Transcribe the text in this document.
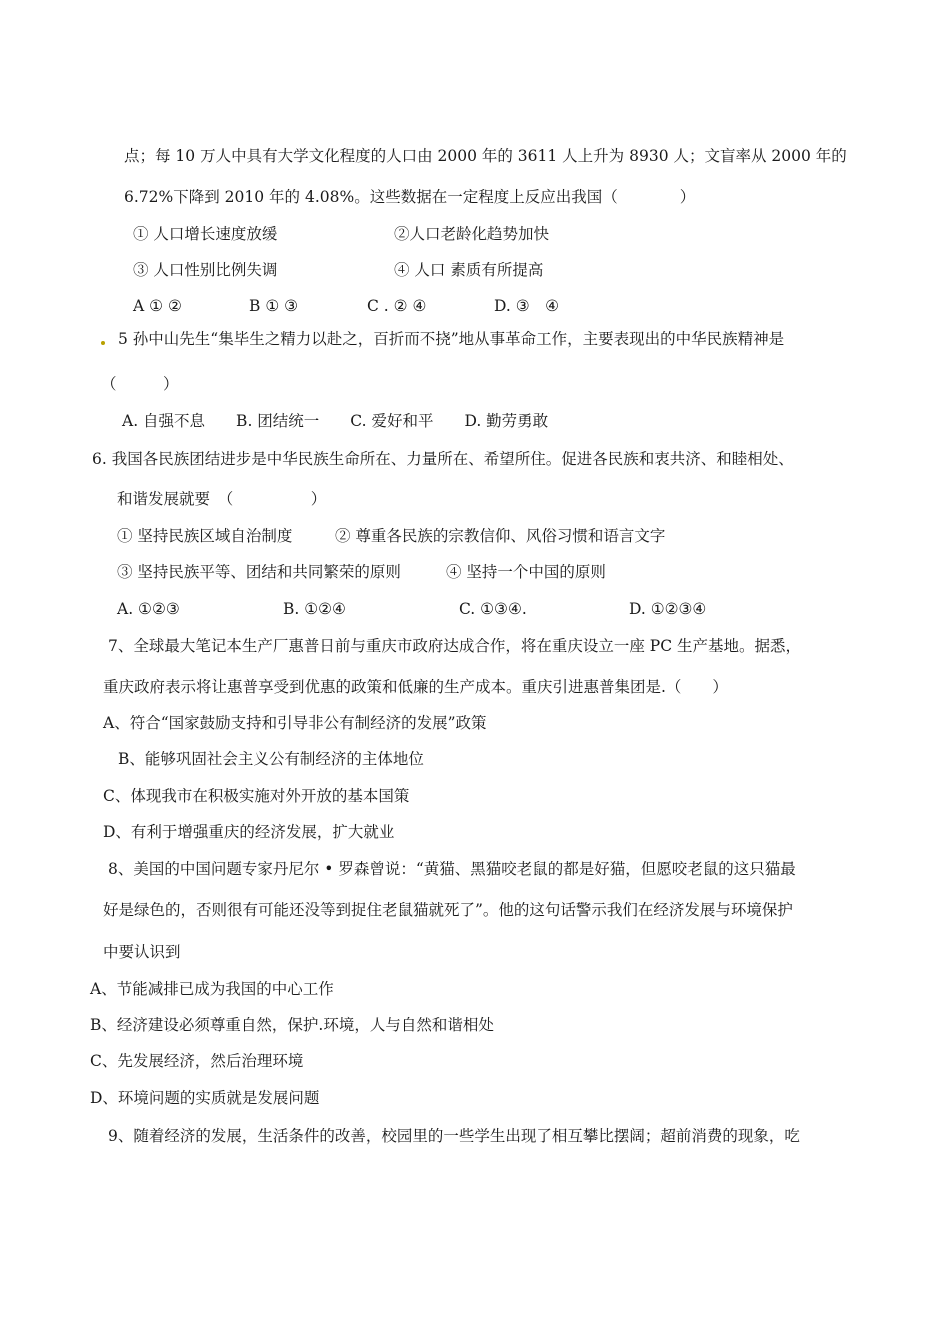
点；每 10 万人中具有大学文化程度的人口由 2000 年的 3611 人上升为 8930 人；文盲率从 2000 年的
6.72%下降到 2010 年的 4.08%。这些数据在一定程度上反应出我国（　　　　）
① 人口增长速度放缓	②人口老龄化趋势加快
③ 人口性别比例失调	④ 人口 素质有所提高
A ① ②	B ① ③	C . ② ④	D. ③　④
5 孙中山先生“集毕生之精力以赴之，百折而不挠”地从事革命工作，主要表现出的中华民族精神是
（　　　）
A. 自强不息　　B. 团结统一　　C. 爱好和平　　D. 勤劳勇敢
6. 我国各民族团结进步是中华民族生命所在、力量所在、希望所住。促进各民族和衷共济、和睦相处、
和谐发展就要　（　　　　　）
① 坚持民族区域自治制度	② 尊重各民族的宗教信仰、风俗习惯和语言文字
③ 坚持民族平等、团结和共同繁荣的原则	④ 坚持一个中国的原则
A. ①②③	B. ①②④	C. ①③④.	D. ①②③④
7、全球最大笔记本生产厂惠普日前与重庆市政府达成合作，将在重庆设立一座 PC 生产基地。据悉，
重庆政府表示将让惠普享受到优惠的政策和低廉的生产成本。重庆引进惠普集团是.（　　）
A、符合“国家鼓励支持和引导非公有制经济的发展”政策
B、能够巩固社会主义公有制经济的主体地位
C、体现我市在积极实施对外开放的基本国策
D、有利于增强重庆的经济发展，扩大就业
8、美国的中国问题专家丹尼尔 • 罗森曾说：“黄猫、黑猫咬老鼠的都是好猫，但愿咬老鼠的这只猫最
好是绿色的，否则很有可能还没等到捉住老鼠猫就死了”。他的这句话警示我们在经济发展与环境保护
中要认识到
A、节能减排已成为我国的中心工作
B、经济建设必须尊重自然，保护.环境，人与自然和谐相处
C、先发展经济，然后治理环境
D、环境问题的实质就是发展问题
9、随着经济的发展，生活条件的改善，校园里的一些学生出现了相互攀比摆阔；超前消费的现象，吃
